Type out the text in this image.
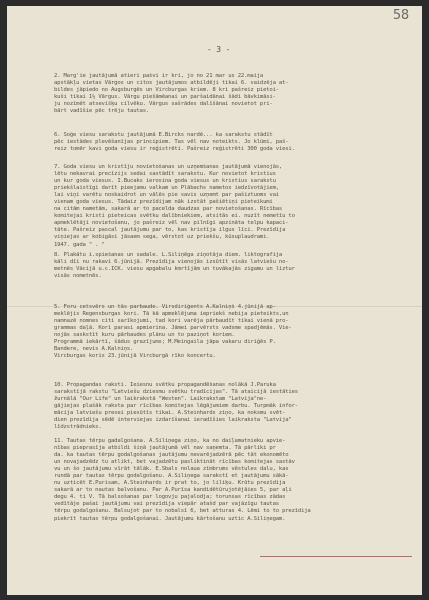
58
- 3 -
2. Marg'ie jautājumā atieri pašvi ir kri, jo no 21 mar us 22.maija
apstākļu vietas Vārgos un citos jautājumos atbildēji tikai 6. vaidzēja at-
bildes jāpiedo no Augsburgēs un Vircburgas kriem. 8 kri pašreiz pietoi-
kuši tikai 1½ Vārgus. Vārgu piešāmēanai un paršaidānai šādi bāvkimāsi-
ju nozīmēt atsevišķu cilvēku. Vārgus sašrādes dalīšānai novietot pri-
bārt vadīšie pēc trēju tautas.
6. Šoģe viesu sarakstu jautājumā E.Bircks nardē... ka sarakstu stādīt
pēc iestādes plevēšanījas principiem. Tas vēl nav noteikts. Jo klūmi, paš-
reiz tomēr kavi goda viesu ir reģistrēti. Pašreiz reģistrēti 300 goda viesi.
7. Goda viesu un kristīju novietošanas un uzņemšanas jautājumā vienojās,
lētu nekavrai precīzijs sedai sastādīt sarakstu. Kur novietot kristius
un kur goda viesus. I.Bucaks ierosina goda viesus un kristius sarakstu
priekšlaistīgi darīt pieejamu valkam un Plābachs nametos iedzīvotājiem,
lai viņi varētu noskaidrot un vālēs pie savis uzņemt par pašiztuoms vai
vienam goda viesus. Tādaiz prezīdijam nāk izstāt pašiētiņi pieteikumi
na citām nametām, sakarā ar to pacelda daudzas par novietošanas. Rīcības
komitejai kristi pieteicas svētku dalībniekiem, atsitās ei. nuzīt nemetīu to
apmeklētāji novietošanu, jo pašreiz vēl nav pilnīgi apzināta telpu kapaci-
tāte. Pašreiz pascal jautājumu par to, kas kristīja ilgus līci. Prezīdija
viņiejas ar kobigāsi jāsaem sega, vērstot uz priekšu, kūsuplaudrami.
1947. gada " . "
8. Plakātu i.spiešanas un sadale. L.Siliņēga ziņotāja diem. liktografija
kāli dīi nu rakavi 6.jūnijā. Prezīdija vienojās izsūtīt visās latviešu no-
metnēs Vācijā u.c.ICK. viesu apgabalu kmrtījām un tuvākajās zigamu un liztur
visās nometnēs.
5. Foru cetsvērs un tās parbaude. Virsdiriģents A.Kalniņš 4.jūnijā ap-
meklējis Regensburgas kori. Tā kā apmeklējuma iepriekš nebija pieteikts,un
namnazē nomnes citi sarīkojumi, tad kori varēja pārbaudīt tikai vienā pro-
grammas daļā. Kori parasi apmierina. Jāmei parvērsts vadsme spadjēmās. Vie-
nojās saskstīt kuru pārbaudes plānu un to paziņot koriem.
Programmā iekārtī, šādus grazījums; M.Meingaila jāpa vakaru diriģēs P.
Bandere, nevis A.Kalniņs.
Vircburgas koris 23.jūnijā Vircburgā rīko koncertu.
10. Propagandas raksti. Ieiesnu svētku propagandēšanas nolākā J.Paruka
sarakstījā rakstu "Latviešu dziesmu svētku tradīcijas". Tā ataicijā iestāties
žurnālā "Our Life" un laikrakstā "Westen". Laikrakstam "Latvija"ne-
gājiejas plašāk raksta par rīcības komitejas lēgājumiem darbu. Turpmāk infor-
mācija latviešu presei piesūtīs tikai. A.Steinhards ziņo, ka noksmu svēt-
dien prezīdija sēdē interviejas izdarīšanai ieradīšies laikraksta "Latvija"
līdzstrādnieks.
11. Tautas tērpu gadalgošana. A.Siliņega ziņo, ka no daiļamatnieku apvie-
nības pieprasīja atbildi šiņā jautājumā vēl nav saņemta. Tā pārliki pr
da. ka tautas tērpu godalgošanas jautājumu nevarējadzērā pēc tāt ekonomēto
un novajadzēdz tu atlikt, bet vajadzētu pasliktināt rīcības komitejas sastāv
vu un šo jautājumu vīrāt tālāk. E.Sbals nolaua zīmbrums vēstules dalu, kas
rundā par tautas tērpu godalgošanu. A.Siliņega sarakstī et jautājumu sākā-
nu uzticēt E.Purisam, A.Steinhards ir prat to, jo liliķu. Krūtu prezīdija
sakarā ar to nautas balvošanu. Par A.Purīsa kandidētūrujotējāies 5, par aļi
degu 4. ti V. Tā balsošanas par logovju pajalodja; torunsas rīcības zādas
vedītāje pašai jautājumu vai prezīdija viepār atašd par vajāzīgu tautas
tērpu godalgošanu. Balsujot par to nobalsī 6, bet atturas 4. Lēmi to to prezīdija
piekrīt tautas tērpu godalgošanai. Jautājumu kārtošanu uztic A.Siliņegam.
